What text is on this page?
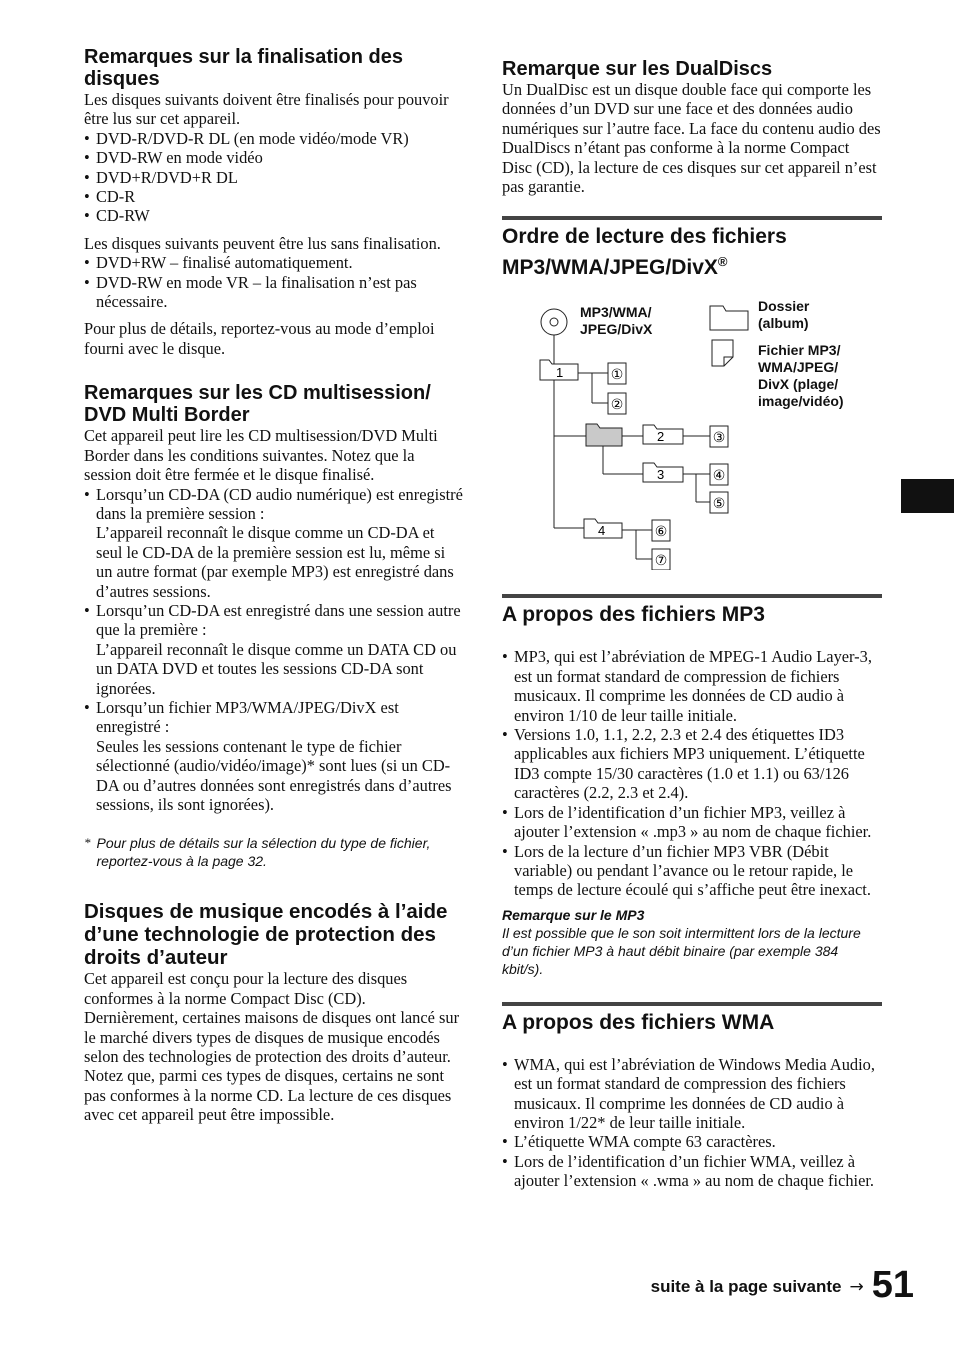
Remarques sur la finalisation des disques

Les disques suivants doivent être finalisés pour pouvoir être lus sur cet appareil.

• DVD-R/DVD-R DL (en mode vidéo/mode VR)
• DVD-RW en mode vidéo
• DVD+R/DVD+R DL
• CD-R
• CD-RW

Les disques suivants peuvent être lus sans finalisation.

• DVD+RW – finalisé automatiquement.
• DVD-RW en mode VR – la finalisation n’est pas nécessaire.

Pour plus de détails, reportez-vous au mode d’emploi fourni avec le disque.

Remarques sur les CD multisession/ DVD Multi Border

Cet appareil peut lire les CD multisession/DVD Multi Border dans les conditions suivantes. Notez que la session doit être fermée et le disque finalisé.

• Lorsqu’un CD-DA (CD audio numérique) est enregistré dans la première session :
L’appareil reconnaît le disque comme un CD-DA et seul le CD-DA de la première session est lu, même si un autre format (par exemple MP3) est enregistré dans d’autres sessions.
• Lorsqu’un CD-DA est enregistré dans une session autre que la première :
L’appareil reconnaît le disque comme un DATA CD ou un DATA DVD et toutes les sessions CD-DA sont ignorées.
• Lorsqu’un fichier MP3/WMA/JPEG/DivX est enregistré :
Seules les sessions contenant le type de fichier sélectionné (audio/vidéo/image)* sont lues (si un CD-DA ou d’autres données sont enregistrés dans d’autres sessions, ils sont ignorées).
* Pour plus de détails sur la sélection du type de fichier, reportez-vous à la page 32.
Disques de musique encodés à l’aide d’une technologie de protection des droits d’auteur

Cet appareil est conçu pour la lecture des disques conformes à la norme Compact Disc (CD). Dernièrement, certaines maisons de disques ont lancé sur le marché divers types de disques de musique encodés selon des technologies de protection des droits d’auteur. Notez que, parmi ces types de disques, certains ne sont pas conformes à la norme CD. La lecture de ces disques avec cet appareil peut être impossible.

Remarque sur les DualDiscs

Un DualDisc est un disque double face qui comporte les données d’un DVD sur une face et des données audio numériques sur l’autre face. La face du contenu audio des DualDiscs n’étant pas conforme à la norme Compact Disc (CD), la lecture de ces disques sur cet appareil n’est pas garantie.

Ordre de lecture des fichiers
MP3/WMA/JPEG/DivX®
1
2
3
4
①
②
③
④
⑤
⑥
⑦
MP3/WMA/ JPEG/DivX
Dossier (album)
Fichier MP3/ WMA/JPEG/ DivX (plage/ image/vidéo)
A propos des fichiers MP3
• MP3, qui est l’abréviation de MPEG-1 Audio Layer-3, est un format standard de compression de fichiers musicaux. Il comprime les données de CD audio à environ 1/10 de leur taille initiale.
• Versions 1.0, 1.1, 2.2, 2.3 et 2.4 des étiquettes ID3 applicables aux fichiers MP3 uniquement. L’étiquette ID3 compte 15/30 caractères (1.0 et 1.1) ou 63/126 caractères (2.2, 2.3 et 2.4).
• Lors de l’identification d’un fichier MP3, veillez à ajouter l’extension « .mp3 » au nom de chaque fichier.
• Lors de la lecture d’un fichier MP3 VBR (Débit variable) ou pendant l’avance ou le retour rapide, le temps de lecture écoulé qui s’affiche peut être inexact.
Remarque sur le MP3
Il est possible que le son soit intermittent lors de la lecture d’un fichier MP3 à haut débit binaire (par exemple 384 kbit/s).
A propos des fichiers WMA
• WMA, qui est l’abréviation de Windows Media Audio, est un format standard de compression des fichiers musicaux. Il comprime les données de CD audio à environ 1/22* de leur taille initiale.
• L’étiquette WMA compte 63 caractères.
• Lors de l’identification d’un fichier WMA, veillez à ajouter l’extension « .wma » au nom de chaque fichier.
suite à la page suivante → 51
